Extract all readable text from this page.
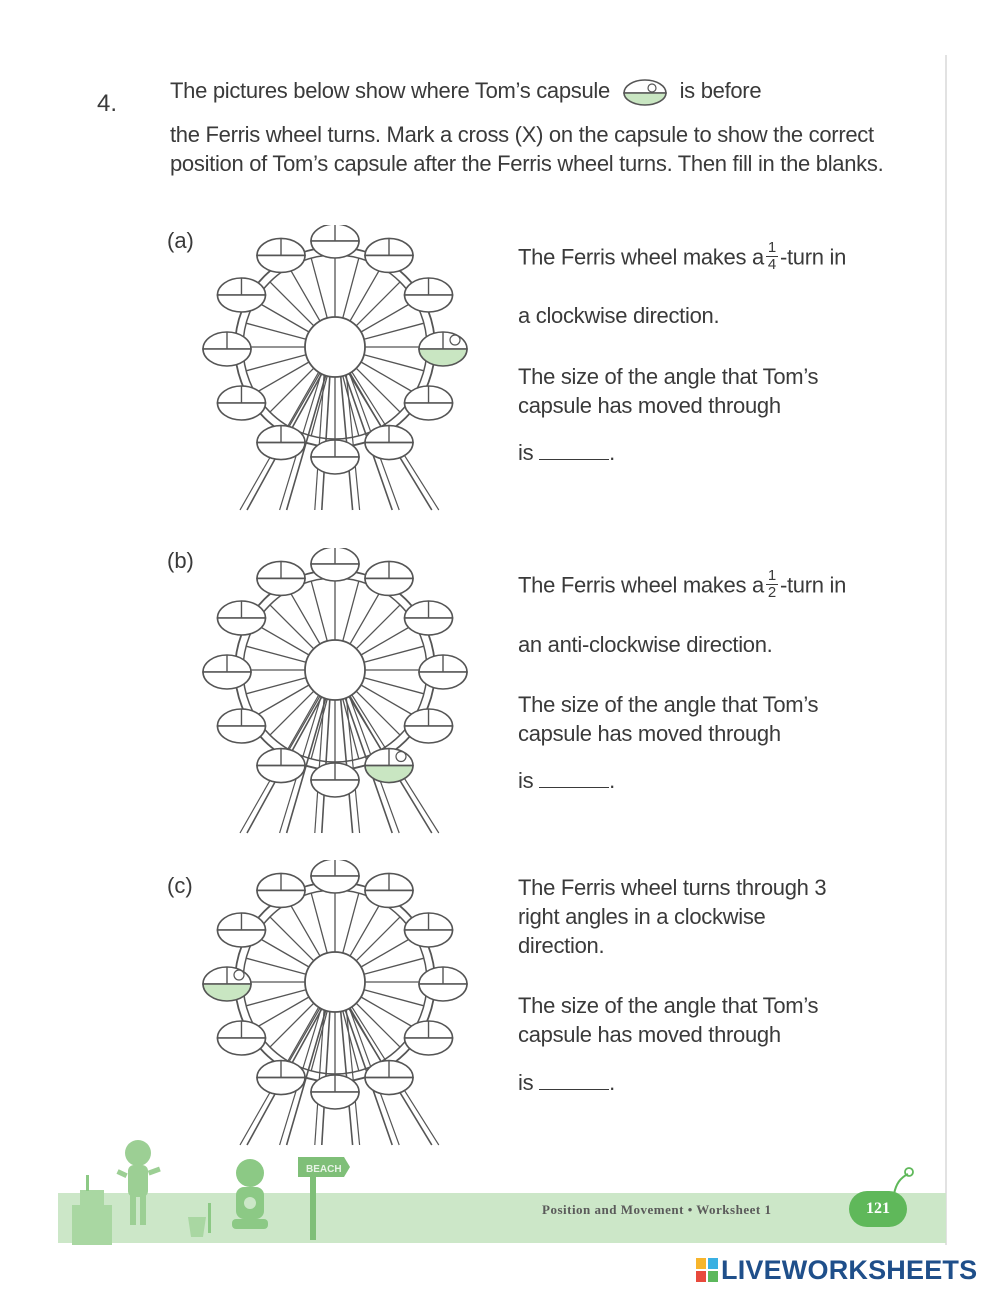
4. The pictures below show where Tom’s capsule	is before
the Ferris wheel turns. Mark a cross (X) on the capsule to show the correct position of Tom’s capsule after the Ferris wheel turns. Then fill in the blanks.
(a)
The Ferris wheel makes a $\frac{1}{4}$ -turn in
a clockwise direction.
The size of the angle that Tom’s capsule has moved through
is	.
(b)
The Ferris wheel makes a $\frac{1}{2}$ -turn in
an anti-clockwise direction.
The size of the angle that Tom’s capsule has moved through
is	.
(c)	The Ferris wheel turns through 3 right angles in a clockwise direction.
The size of the angle that Tom’s capsule has moved through
is	.
BEACH
Position and Movement • Worksheet 1	121
LIVEWORKSHEETS
